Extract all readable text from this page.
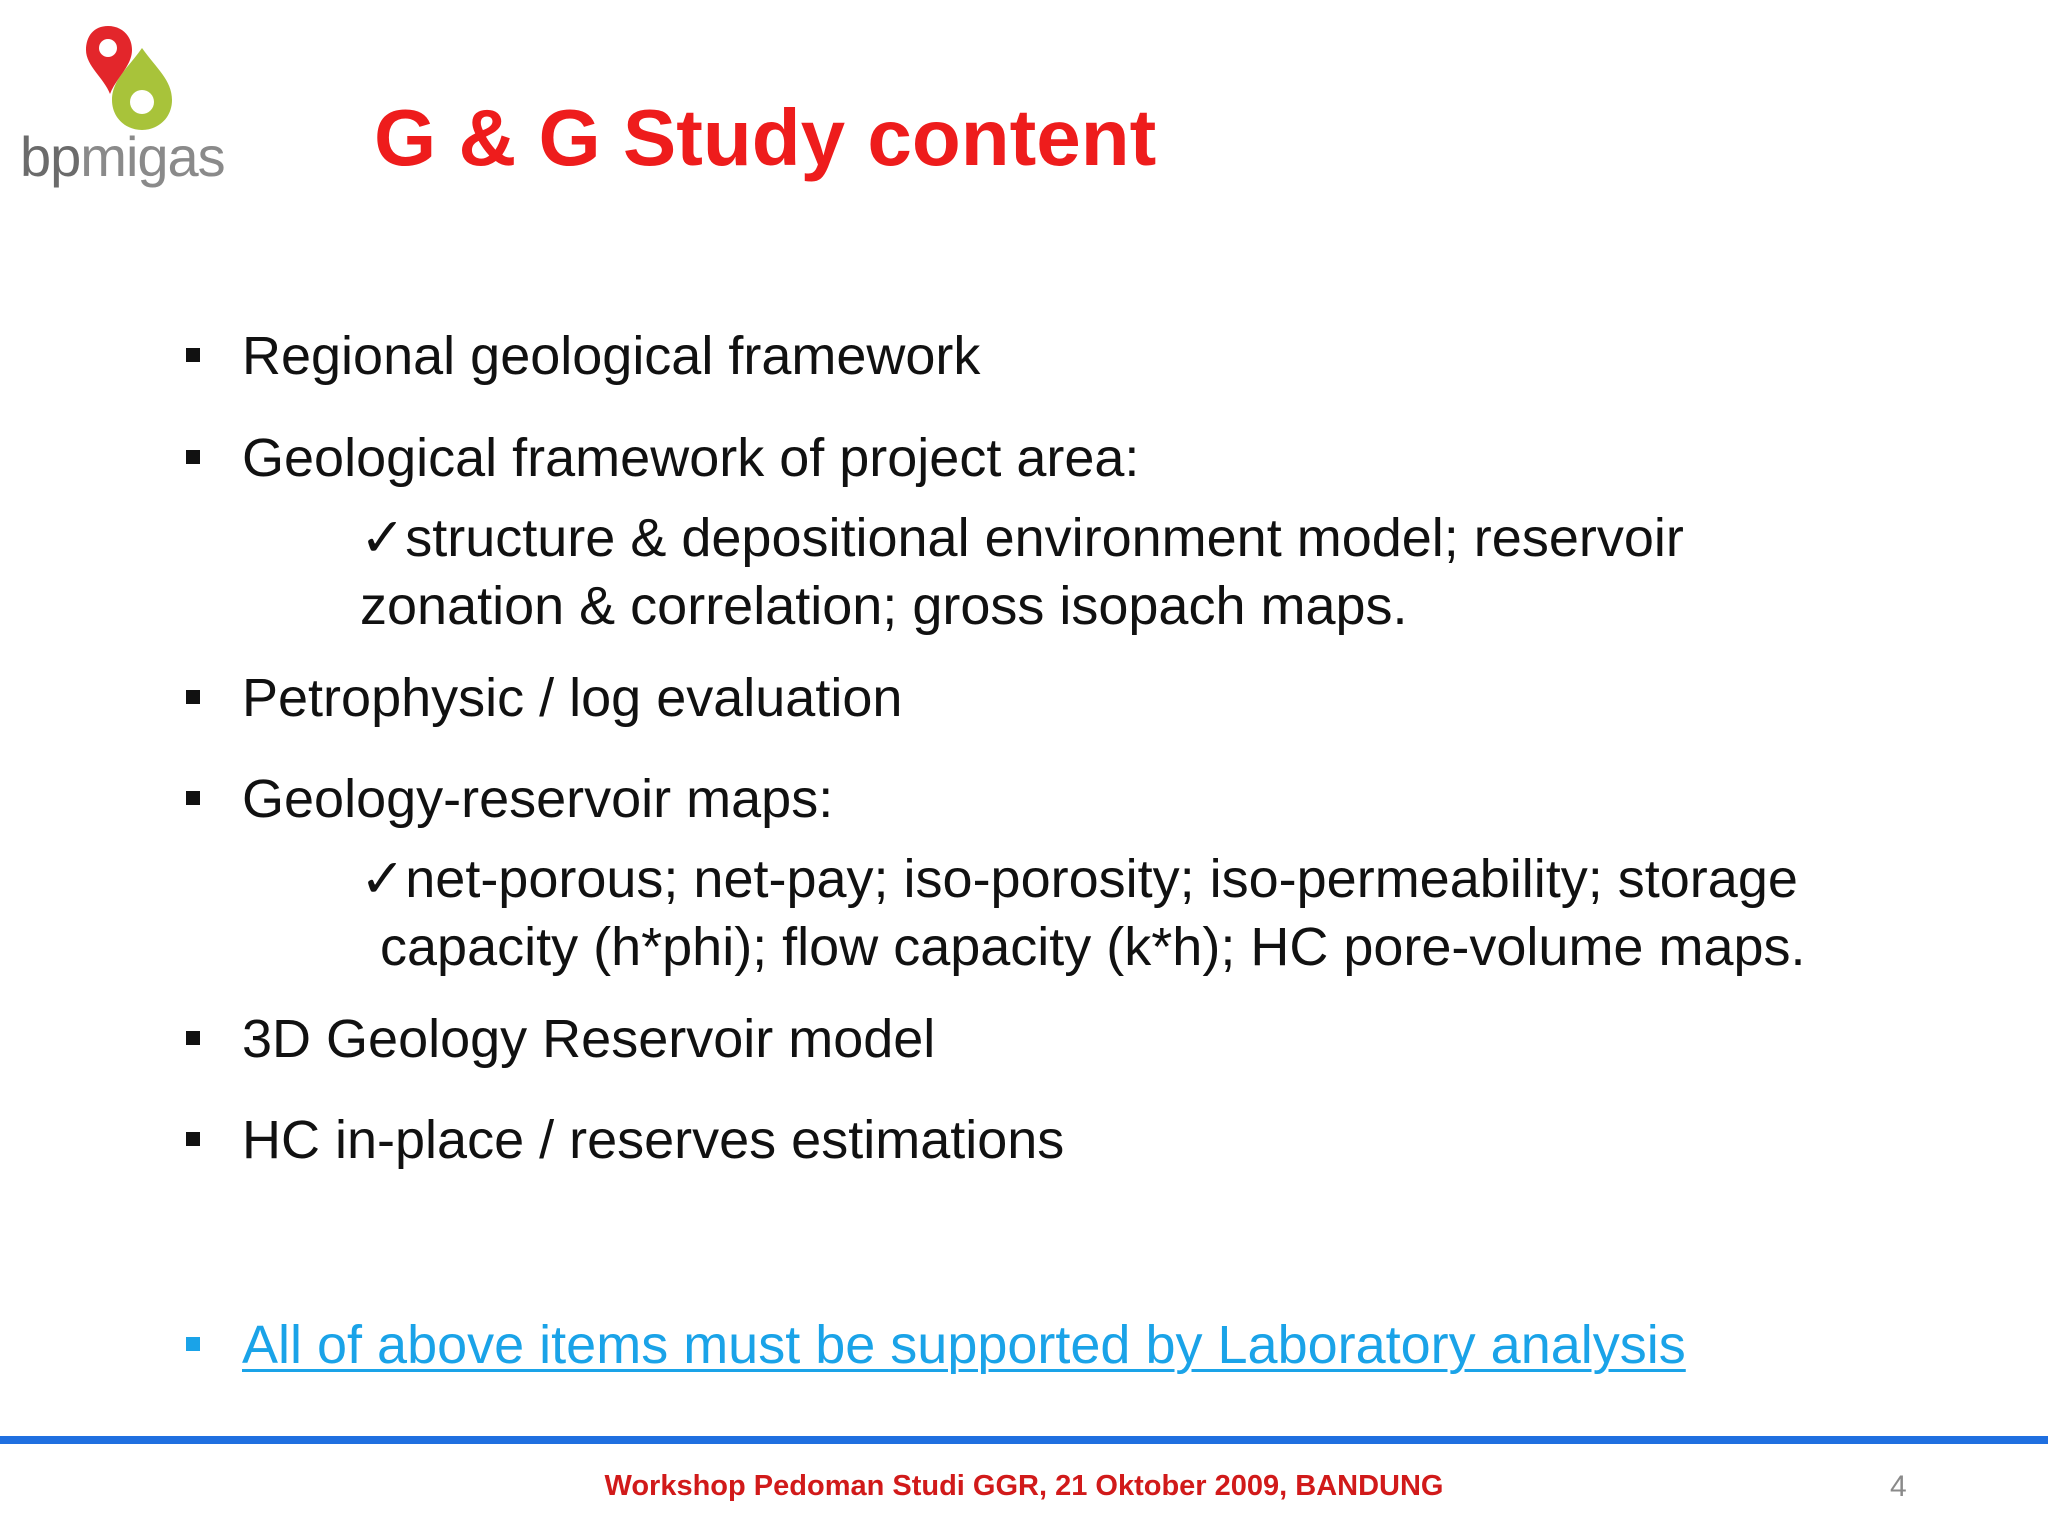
bpmigas G & G Study content
Regional geological framework
Geological framework of project area:
✓structure & depositional environment model; reservoir
zonation & correlation; gross isopach maps.
Petrophysic / log evaluation
Geology-reservoir maps:
✓net-porous; net-pay; iso-porosity; iso-permeability; storage
capacity (h*phi); flow capacity (k*h); HC pore-volume maps.
3D Geology Reservoir model
HC in-place / reserves estimations
All of above items must be supported by Laboratory analysis
Workshop Pedoman Studi GGR, 21 Oktober 2009, BANDUNG	4
